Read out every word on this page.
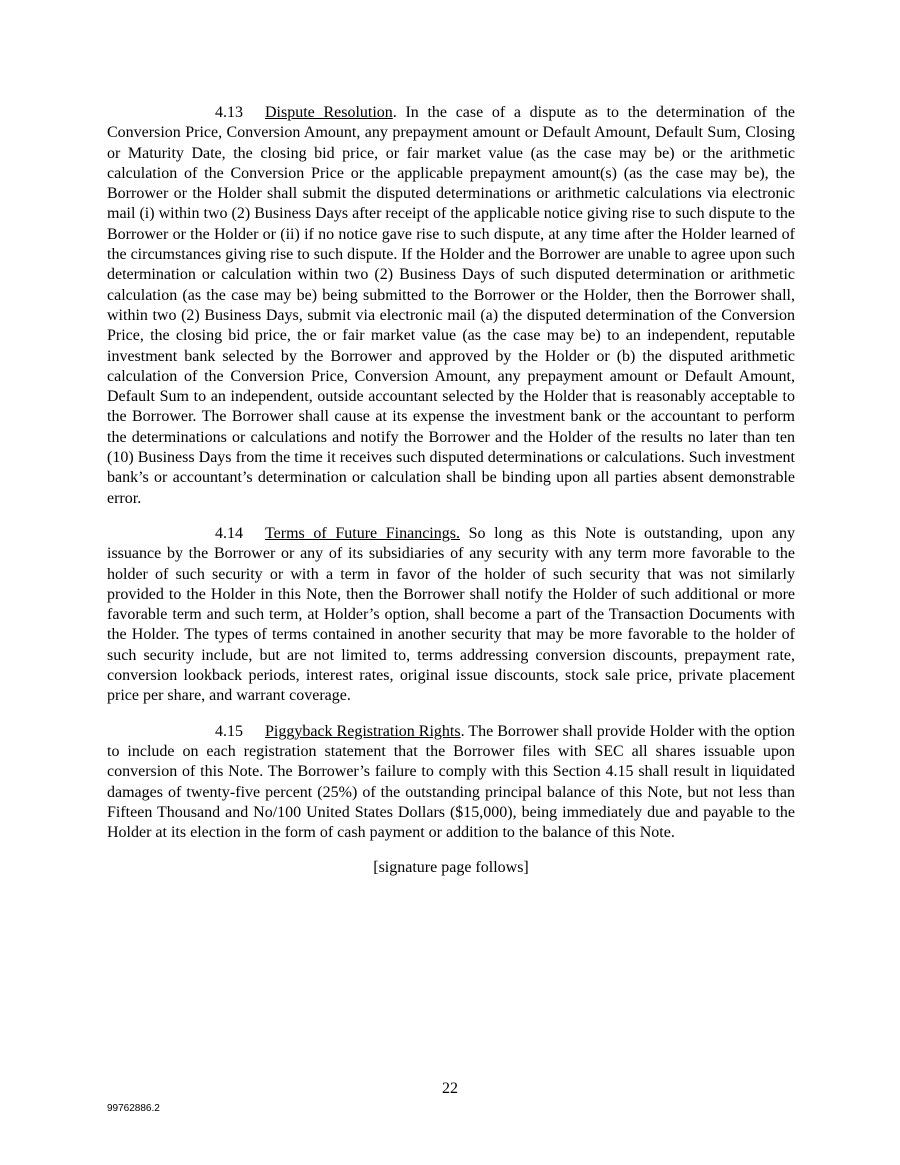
4.13 Dispute Resolution. In the case of a dispute as to the determination of the Conversion Price, Conversion Amount, any prepayment amount or Default Amount, Default Sum, Closing or Maturity Date, the closing bid price, or fair market value (as the case may be) or the arithmetic calculation of the Conversion Price or the applicable prepayment amount(s) (as the case may be), the Borrower or the Holder shall submit the disputed determinations or arithmetic calculations via electronic mail (i) within two (2) Business Days after receipt of the applicable notice giving rise to such dispute to the Borrower or the Holder or (ii) if no notice gave rise to such dispute, at any time after the Holder learned of the circumstances giving rise to such dispute. If the Holder and the Borrower are unable to agree upon such determination or calculation within two (2) Business Days of such disputed determination or arithmetic calculation (as the case may be) being submitted to the Borrower or the Holder, then the Borrower shall, within two (2) Business Days, submit via electronic mail (a) the disputed determination of the Conversion Price, the closing bid price, the or fair market value (as the case may be) to an independent, reputable investment bank selected by the Borrower and approved by the Holder or (b) the disputed arithmetic calculation of the Conversion Price, Conversion Amount, any prepayment amount or Default Amount, Default Sum to an independent, outside accountant selected by the Holder that is reasonably acceptable to the Borrower. The Borrower shall cause at its expense the investment bank or the accountant to perform the determinations or calculations and notify the Borrower and the Holder of the results no later than ten (10) Business Days from the time it receives such disputed determinations or calculations. Such investment bank’s or accountant’s determination or calculation shall be binding upon all parties absent demonstrable error.

4.14 Terms of Future Financings. So long as this Note is outstanding, upon any issuance by the Borrower or any of its subsidiaries of any security with any term more favorable to the holder of such security or with a term in favor of the holder of such security that was not similarly provided to the Holder in this Note, then the Borrower shall notify the Holder of such additional or more favorable term and such term, at Holder’s option, shall become a part of the Transaction Documents with the Holder. The types of terms contained in another security that may be more favorable to the holder of such security include, but are not limited to, terms addressing conversion discounts, prepayment rate, conversion lookback periods, interest rates, original issue discounts, stock sale price, private placement price per share, and warrant coverage.

4.15 Piggyback Registration Rights. The Borrower shall provide Holder with the option to include on each registration statement that the Borrower files with SEC all shares issuable upon conversion of this Note. The Borrower’s failure to comply with this Section 4.15 shall result in liquidated damages of twenty-five percent (25%) of the outstanding principal balance of this Note, but not less than Fifteen Thousand and No/100 United States Dollars ($15,000), being immediately due and payable to the Holder at its election in the form of cash payment or addition to the balance of this Note.

[signature page follows]
22
99762886.2
